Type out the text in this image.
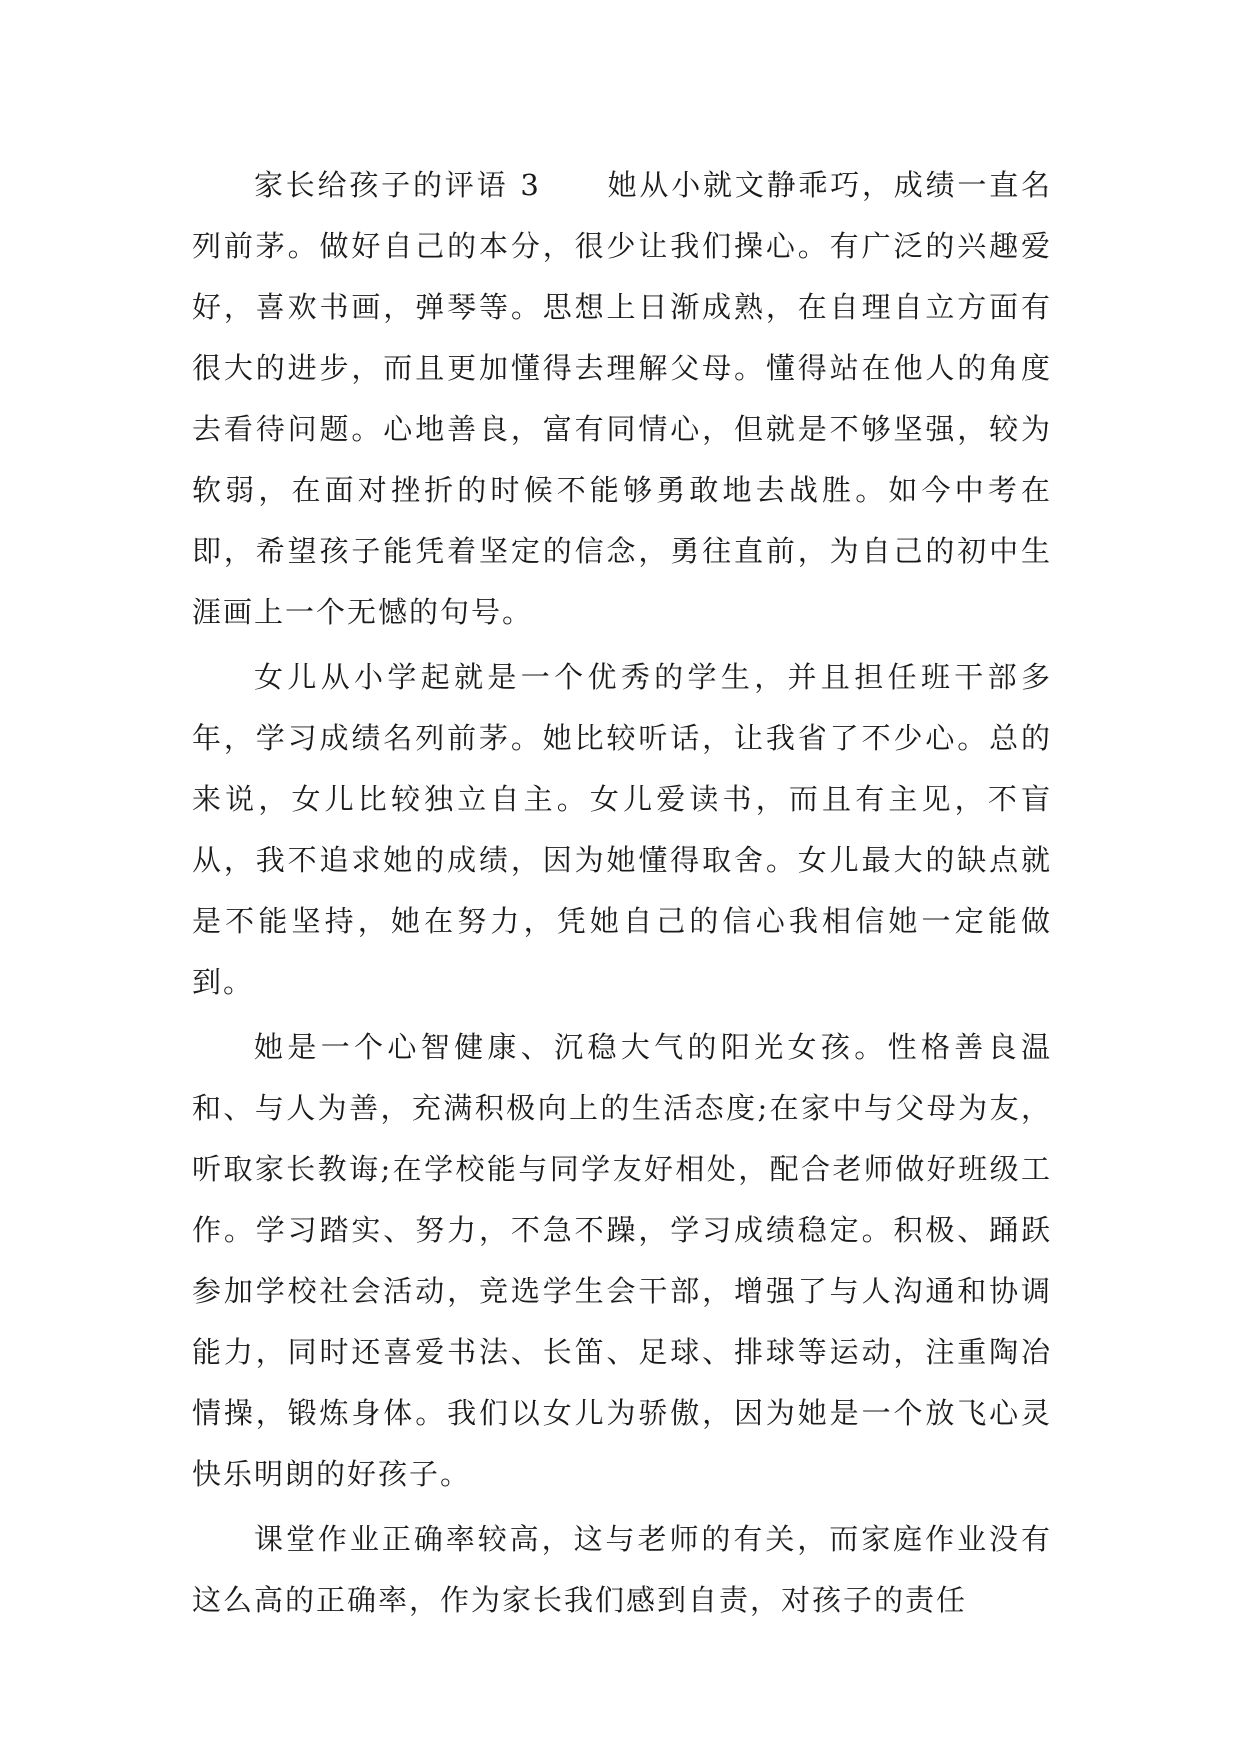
家长给孩子的评语 3 她从小就文静乖巧，成绩一直名列前茅。做好自己的本分，很少让我们操心。有广泛的兴趣爱好，喜欢书画，弹琴等。思想上日渐成熟，在自理自立方面有很大的进步，而且更加懂得去理解父母。懂得站在他人的角度去看待问题。心地善良，富有同情心，但就是不够坚强，较为软弱，在面对挫折的时候不能够勇敢地去战胜。如今中考在即，希望孩子能凭着坚定的信念，勇往直前，为自己的初中生涯画上一个无憾的句号。

女儿从小学起就是一个优秀的学生，并且担任班干部多年，学习成绩名列前茅。她比较听话，让我省了不少心。总的来说，女儿比较独立自主。女儿爱读书，而且有主见，不盲从，我不追求她的成绩，因为她懂得取舍。女儿最大的缺点就是不能坚持，她在努力，凭她自己的信心我相信她一定能做到。

她是一个心智健康、沉稳大气的阳光女孩。性格善良温和、与人为善，充满积极向上的生活态度;在家中与父母为友，听取家长教诲;在学校能与同学友好相处，配合老师做好班级工作。学习踏实、努力，不急不躁，学习成绩稳定。积极、踊跃参加学校社会活动，竞选学生会干部，增强了与人沟通和协调能力，同时还喜爱书法、长笛、足球、排球等运动，注重陶冶情操，锻炼身体。我们以女儿为骄傲，因为她是一个放飞心灵快乐明朗的好孩子。

课堂作业正确率较高，这与老师的有关，而家庭作业没有这么高的正确率，作为家长我们感到自责，对孩子的责任
